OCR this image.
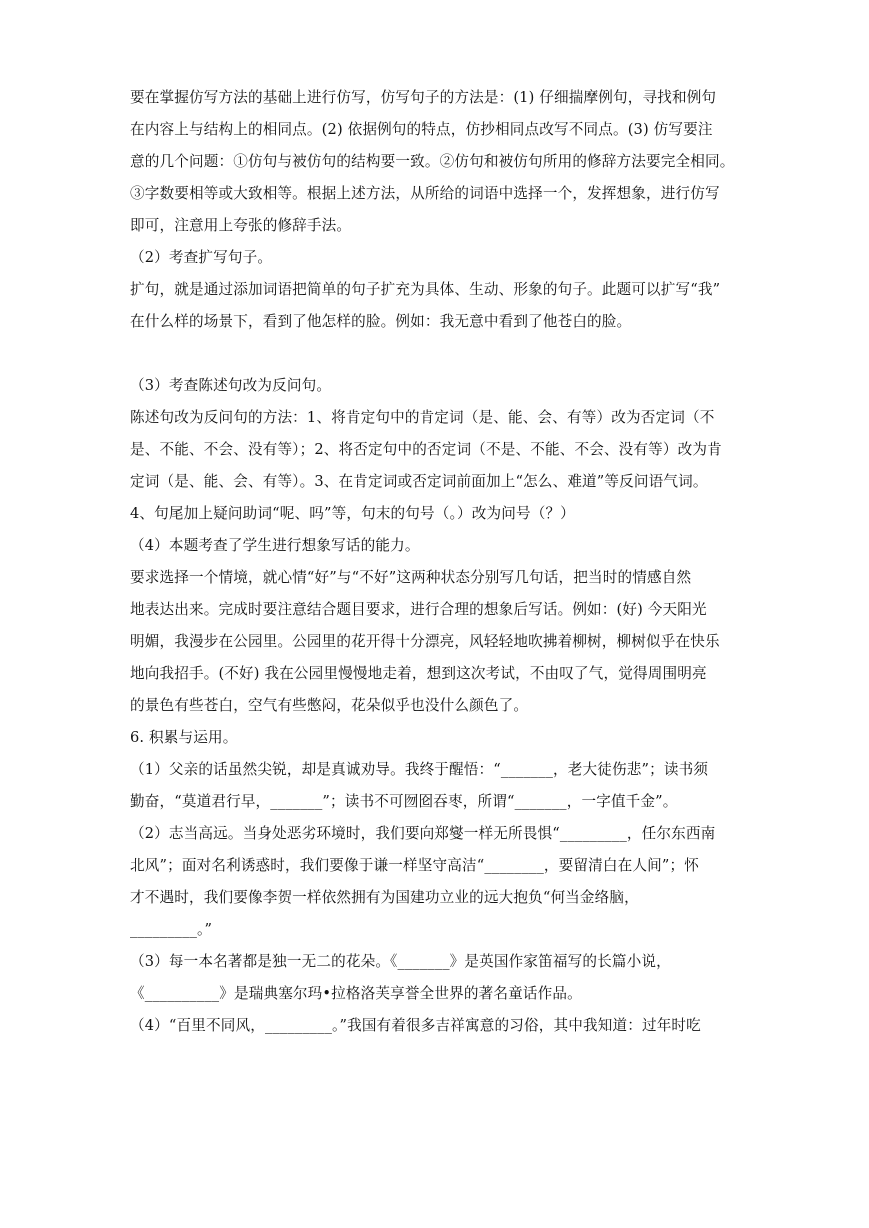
要在掌握仿写方法的基础上进行仿写，仿写句子的方法是：(1) 仔细揣摩例句，寻找和例句
在内容上与结构上的相同点。(2) 依据例句的特点，仿抄相同点改写不同点。(3) 仿写要注
意的几个问题：①仿句与被仿句的结构要一致。②仿句和被仿句所用的修辞方法要完全相同。
③字数要相等或大致相等。根据上述方法，从所给的词语中选择一个，发挥想象，进行仿写
即可，注意用上夸张的修辞手法。
（2）考查扩写句子。
扩句，就是通过添加词语把简单的句子扩充为具体、生动、形象的句子。此题可以扩写“我”
在什么样的场景下，看到了他怎样的脸。例如：我无意中看到了他苍白的脸。
（3）考查陈述句改为反问句。
陈述句改为反问句的方法：1、将肯定句中的肯定词（是、能、会、有等）改为否定词（不
是、不能、不会、没有等）；2、将否定句中的否定词（不是、不能、不会、没有等）改为肯
定词（是、能、会、有等）。3、在肯定词或否定词前面加上“怎么、难道”等反问语气词。
4、句尾加上疑问助词“呢、吗”等，句末的句号（。）改为问号（？）
（4）本题考查了学生进行想象写话的能力。
要求选择一个情境，就心情“好”与“不好”这两种状态分别写几句话，把当时的情感自然
地表达出来。完成时要注意结合题目要求，进行合理的想象后写话。例如：(好) 今天阳光
明媚，我漫步在公园里。公园里的花开得十分漂亮，风轻轻地吹拂着柳树，柳树似乎在快乐
地向我招手。(不好) 我在公园里慢慢地走着，想到这次考试，不由叹了气，觉得周围明亮
的景色有些苍白，空气有些憋闷，花朵似乎也没什么颜色了。
6. 积累与运用。
（1）父亲的话虽然尖锐，却是真诚劝导。我终于醒悟：“_______，老大徒伤悲”；读书须
勤奋，“莫道君行早，_______”；读书不可囫囵吞枣，所谓“_______，一字值千金”。
（2）志当高远。当身处恶劣环境时，我们要向郑燮一样无所畏惧“_________，任尔东西南
北风”；面对名利诱惑时，我们要像于谦一样坚守高洁“________，要留清白在人间”；怀
才不遇时，我们要像李贺一样依然拥有为国建功立业的远大抱负“何当金络脑，
_________。”
（3）每一本名著都是独一无二的花朵。《_______》是英国作家笛福写的长篇小说，
《__________》是瑞典塞尔玛•拉格洛芙享誉全世界的著名童话作品。
（4）“百里不同风，_________。”我国有着很多吉祥寓意的习俗，其中我知道：过年时吃
